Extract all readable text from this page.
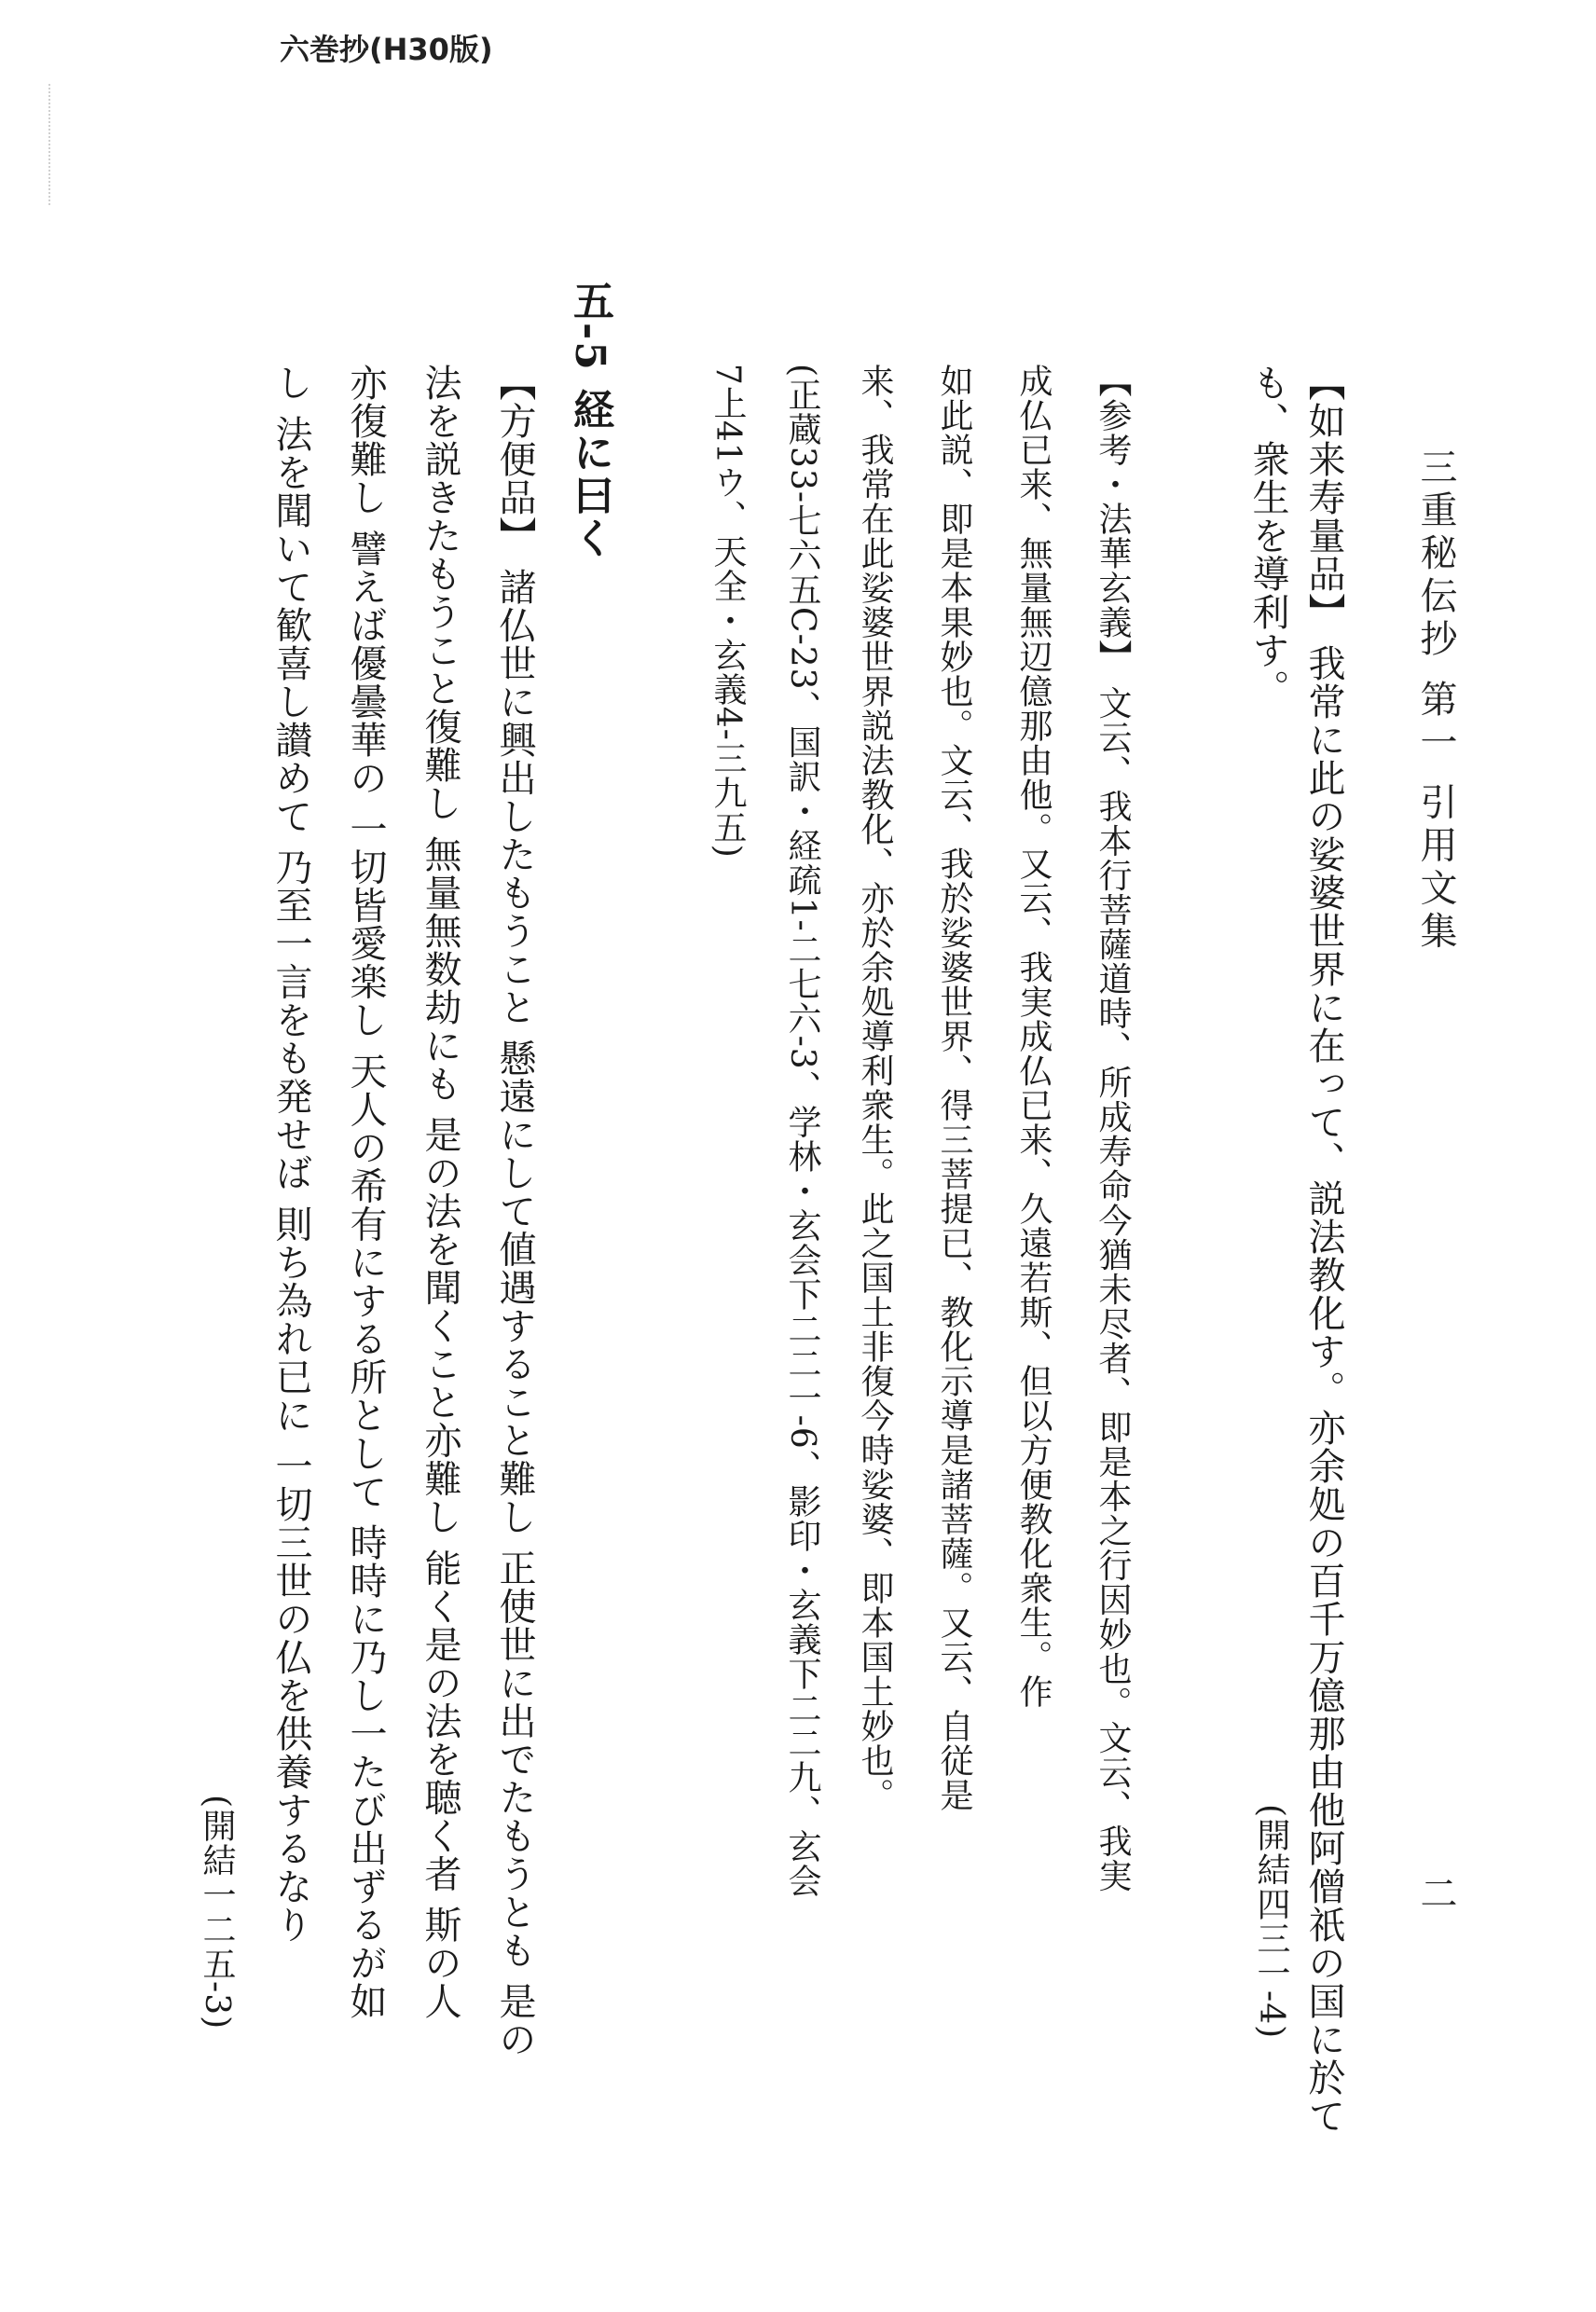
六巻抄(H30版)
三重秘伝抄 第一 引用文集
二
【如来寿量品】 我常に此の娑婆世界に在って、説法教化す。亦余処の百千万億那由他阿僧祇の国に於て
も、衆生を導利す。
(開結四三一-4)
【参考・法華玄義】 文云、我本行菩薩道時、所成寿命今猶未尽者、即是本之行因妙也。文云、我実
成仏已来、無量無辺億那由他。又云、我実成仏已来、久遠若斯、但以方便教化衆生。作
如此説、即是本果妙也。文云、我於娑婆世界、得三菩提已、教化示導是諸菩薩。又云、自従是
来、我常在此娑婆世界説法教化、亦於余処導利衆生。此之国土非復今時娑婆、即本国土妙也。
(正蔵33-七六五C-23、国訳・経疏1-二七六-3、学林・玄会下二二一-6、影印・玄義下二二九、玄会
7上41ウ、天全・玄義4-三九五)
五-5 経に曰く
【方便品】 諸仏世に興出したもうこと 懸遠にして値遇すること難し 正使世に出でたもうとも 是の
法を説きたもうこと復難し 無量無数劫にも 是の法を聞くこと亦難し 能く是の法を聴く者 斯の人
亦復難し 譬えば優曇華の 一切皆愛楽し 天人の希有にする所として 時時に乃し一たび出ずるが如
し 法を聞いて歓喜し讃めて 乃至一言をも発せば 則ち為れ已に 一切三世の仏を供養するなり
(開結一二五-3)
